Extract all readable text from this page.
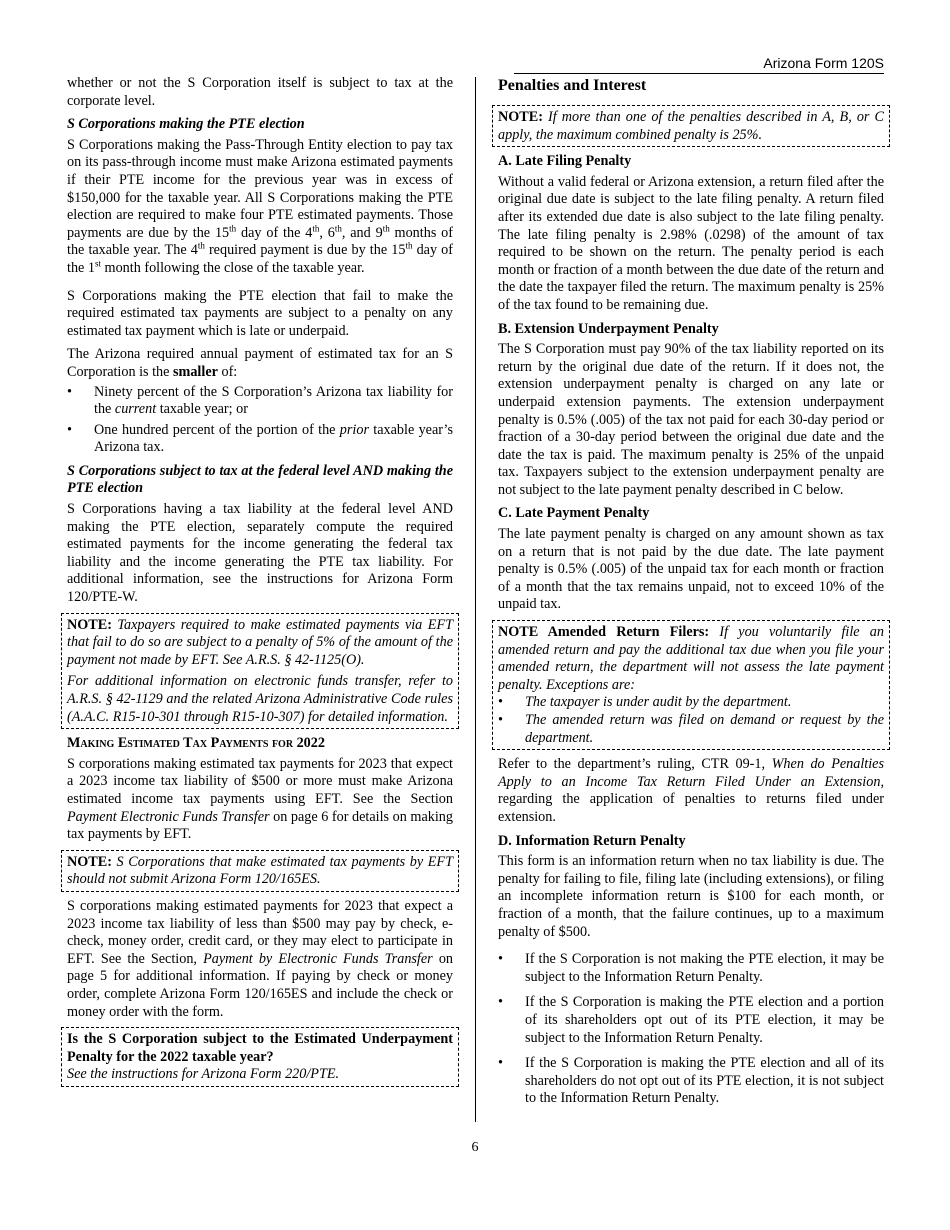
Arizona Form 120S

whether or not the S Corporation itself is subject to tax at the corporate level.

S Corporations making the PTE election

S Corporations making the Pass-Through Entity election to pay tax on its pass-through income must make Arizona estimated payments if their PTE income for the previous year was in excess of $150,000 for the taxable year. All S Corporations making the PTE election are required to make four PTE estimated payments. Those payments are due by the 15th day of the 4th, 6th, and 9th months of the taxable year. The 4th required payment is due by the 15th day of the 1st month following the close of the taxable year.

S Corporations making the PTE election that fail to make the required estimated tax payments are subject to a penalty on any estimated tax payment which is late or underpaid.

The Arizona required annual payment of estimated tax for an S Corporation is the smaller of:

• Ninety percent of the S Corporation’s Arizona tax liability for the current taxable year; or
• One hundred percent of the portion of the prior taxable year’s Arizona tax.
S Corporations subject to tax at the federal level AND making the PTE election

S Corporations having a tax liability at the federal level AND making the PTE election, separately compute the required estimated payments for the income generating the federal tax liability and the income generating the PTE tax liability. For additional information, see the instructions for Arizona Form 120/PTE-W.

NOTE: Taxpayers required to make estimated payments via EFT that fail to do so are subject to a penalty of 5% of the amount of the payment not made by EFT. See A.R.S. § 42-1125(O).

For additional information on electronic funds transfer, refer to A.R.S. § 42-1129 and the related Arizona Administrative Code rules (A.A.C. R15-10-301 through R15-10-307) for detailed information.

Making Estimated Tax Payments for 2022

S corporations making estimated tax payments for 2023 that expect a 2023 income tax liability of $500 or more must make Arizona estimated income tax payments using EFT. See the Section Payment Electronic Funds Transfer on page 6 for details on making tax payments by EFT.

NOTE: S Corporations that make estimated tax payments by EFT should not submit Arizona Form 120/165ES.

S corporations making estimated payments for 2023 that expect a 2023 income tax liability of less than $500 may pay by check, e-check, money order, credit card, or they may elect to participate in EFT. See the Section, Payment by Electronic Funds Transfer on page 5 for additional information. If paying by check or money order, complete Arizona Form 120/165ES and include the check or money order with the form.

Is the S Corporation subject to the Estimated Underpayment Penalty for the 2022 taxable year?

See the instructions for Arizona Form 220/PTE.

Penalties and Interest

NOTE: If more than one of the penalties described in A, B, or C apply, the maximum combined penalty is 25%.

A. Late Filing Penalty

Without a valid federal or Arizona extension, a return filed after the original due date is subject to the late filing penalty. A return filed after its extended due date is also subject to the late filing penalty. The late filing penalty is 2.98% (.0298) of the amount of tax required to be shown on the return. The penalty period is each month or fraction of a month between the due date of the return and the date the taxpayer filed the return. The maximum penalty is 25% of the tax found to be remaining due.

B. Extension Underpayment Penalty

The S Corporation must pay 90% of the tax liability reported on its return by the original due date of the return. If it does not, the extension underpayment penalty is charged on any late or underpaid extension payments. The extension underpayment penalty is 0.5% (.005) of the tax not paid for each 30-day period or fraction of a 30-day period between the original due date and the date the tax is paid. The maximum penalty is 25% of the unpaid tax. Taxpayers subject to the extension underpayment penalty are not subject to the late payment penalty described in C below.

C. Late Payment Penalty

The late payment penalty is charged on any amount shown as tax on a return that is not paid by the due date. The late payment penalty is 0.5% (.005) of the unpaid tax for each month or fraction of a month that the tax remains unpaid, not to exceed 10% of the unpaid tax.

NOTE Amended Return Filers: If you voluntarily file an amended return and pay the additional tax due when you file your amended return, the department will not assess the late payment penalty. Exceptions are:

• The taxpayer is under audit by the department.
• The amended return was filed on demand or request by the department.

Refer to the department’s ruling, CTR 09-1, When do Penalties Apply to an Income Tax Return Filed Under an Extension, regarding the application of penalties to returns filed under extension.

D. Information Return Penalty

This form is an information return when no tax liability is due. The penalty for failing to file, filing late (including extensions), or filing an incomplete information return is $100 for each month, or fraction of a month, that the failure continues, up to a maximum penalty of $500.

• If the S Corporation is not making the PTE election, it may be subject to the Information Return Penalty.
• If the S Corporation is making the PTE election and a portion of its shareholders opt out of its PTE election, it may be subject to the Information Return Penalty.
• If the S Corporation is making the PTE election and all of its shareholders do not opt out of its PTE election, it is not subject to the Information Return Penalty.
6
